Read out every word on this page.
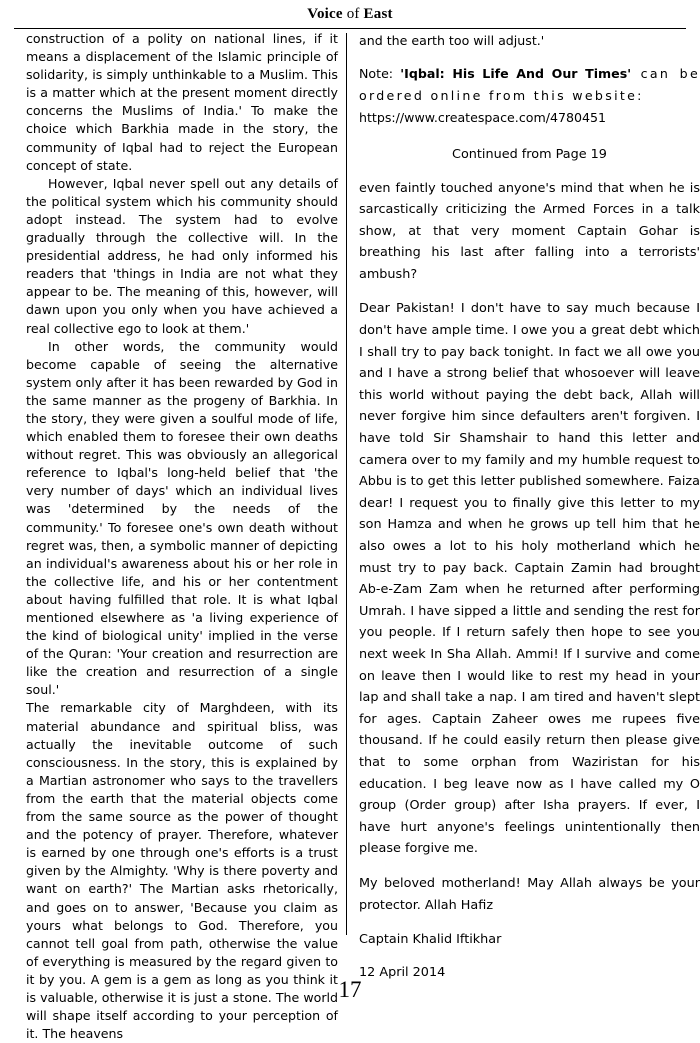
Voice of East

construction of a polity on national lines, if it means a displacement of the Islamic principle of solidarity, is simply unthinkable to a Muslim. This is a matter which at the present moment directly concerns the Muslims of India.' To make the choice which Barkhia made in the story, the community of Iqbal had to reject the European concept of state.

However, Iqbal never spell out any details of the political system which his community should adopt instead. The system had to evolve gradually through the collective will. In the presidential address, he had only informed his readers that 'things in India are not what they appear to be. The meaning of this, however, will dawn upon you only when you have achieved a real collective ego to look at them.'

In other words, the community would become capable of seeing the alternative system only after it has been rewarded by God in the same manner as the progeny of Barkhia. In the story, they were given a soulful mode of life, which enabled them to foresee their own deaths without regret. This was obviously an allegorical reference to Iqbal's long-held belief that 'the very number of days' which an individual lives was 'determined by the needs of the community.' To foresee one's own death without regret was, then, a symbolic manner of depicting an individual's awareness about his or her role in the collective life, and his or her contentment about having fulfilled that role. It is what Iqbal mentioned elsewhere as 'a living experience of the kind of biological unity' implied in the verse of the Quran: 'Your creation and resurrection are like the creation and resurrection of a single soul.'

The remarkable city of Marghdeen, with its material abundance and spiritual bliss, was actually the inevitable outcome of such consciousness. In the story, this is explained by a Martian astronomer who says to the travellers from the earth that the material objects come from the same source as the power of thought and the potency of prayer. Therefore, whatever is earned by one through one's efforts is a trust given by the Almighty. 'Why is there poverty and want on earth?' The Martian asks rhetorically, and goes on to answer, 'Because you claim as yours what belongs to God. Therefore, you cannot tell goal from path, otherwise the value of everything is measured by the regard given to it by you. A gem is a gem as long as you think it is valuable, otherwise it is just a stone. The world will shape itself according to your perception of it. The heavens

and the earth too will adjust.'

Note: 'Iqbal: His Life And Our Times' can be ordered online from this website:
https://www.createspace.com/4780451
Continued from Page 19

even faintly touched anyone's mind that when he is sarcastically criticizing the Armed Forces in a talk show, at that very moment Captain Gohar is breathing his last after falling into a terrorists' ambush?

Dear Pakistan! I don't have to say much because I don't have ample time. I owe you a great debt which I shall try to pay back tonight. In fact we all owe you and I have a strong belief that whosoever will leave this world without paying the debt back, Allah will never forgive him since defaulters aren't forgiven. I have told Sir Shamshair to hand this letter and camera over to my family and my humble request to Abbu is to get this letter published somewhere. Faiza dear! I request you to finally give this letter to my son Hamza and when he grows up tell him that he also owes a lot to his holy motherland which he must try to pay back. Captain Zamin had brought Ab-e-Zam Zam when he returned after performing Umrah. I have sipped a little and sending the rest for you people. If I return safely then hope to see you next week In Sha Allah. Ammi! If I survive and come on leave then I would like to rest my head in your lap and shall take a nap. I am tired and haven't slept for ages. Captain Zaheer owes me rupees five thousand. If he could easily return then please give that to some orphan from Waziristan for his education. I beg leave now as I have called my O group (Order group) after Isha prayers. If ever, I have hurt anyone's feelings unintentionally then please forgive me.

My beloved motherland! May Allah always be your protector. Allah Hafiz

Captain Khalid Iftikhar

12 April 2014

17
